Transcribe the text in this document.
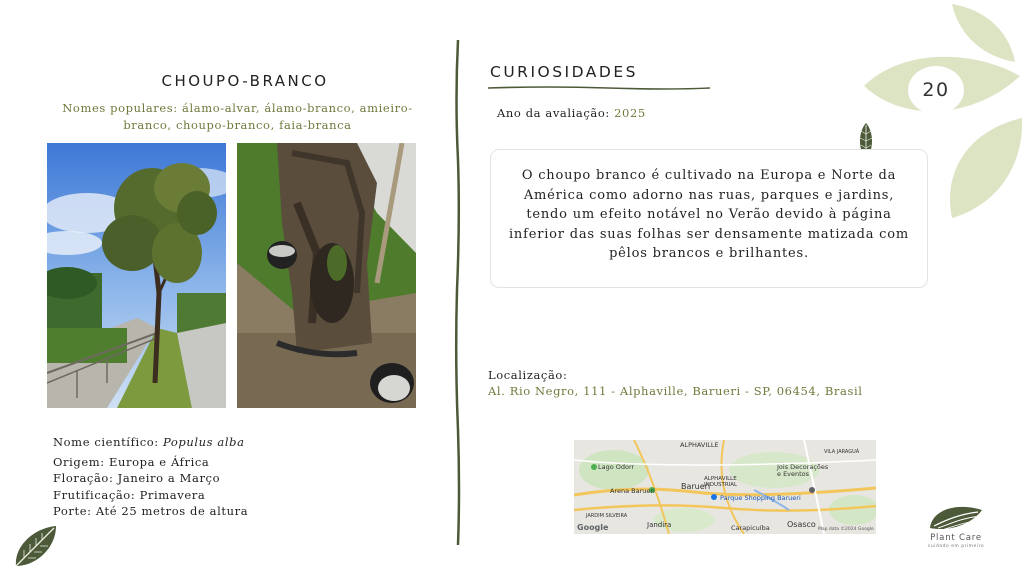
CHOUPO-BRANCO
Nomes populares: álamo-alvar, álamo-branco, amieiro-branco, choupo-branco, faia-branca
Nome científico: Populus alba
Origem: Europa e África
Floração: Janeiro a Março
Frutificação: Primavera
Porte: Até 25 metros de altura
CURIOSIDADES
Ano da avaliação: 2025
O choupo branco é cultivado na Europa e Norte da América como adorno nas ruas, parques e jardins, tendo um efeito notável no Verão devido à página inferior das suas folhas ser densamente matizada com pêlos brancos e brilhantes.
Localização:
Al. Rio Negro, 111 - Alphaville, Barueri - SP, 06454, Brasil
ALPHAVILLE
Lago Odorr
Arena Barueri	Barueri
ALPHAVILLE INDUSTRIAL
Parque Shopping Barueri
JARDIM SILVEIRA
Jandira	Carapicuíba Osasco
Jois Decorações e Eventos
VILA JARAGUÁ
Map data ©2024 Google
Google
20
Plant Care
cuidado em primeiro
